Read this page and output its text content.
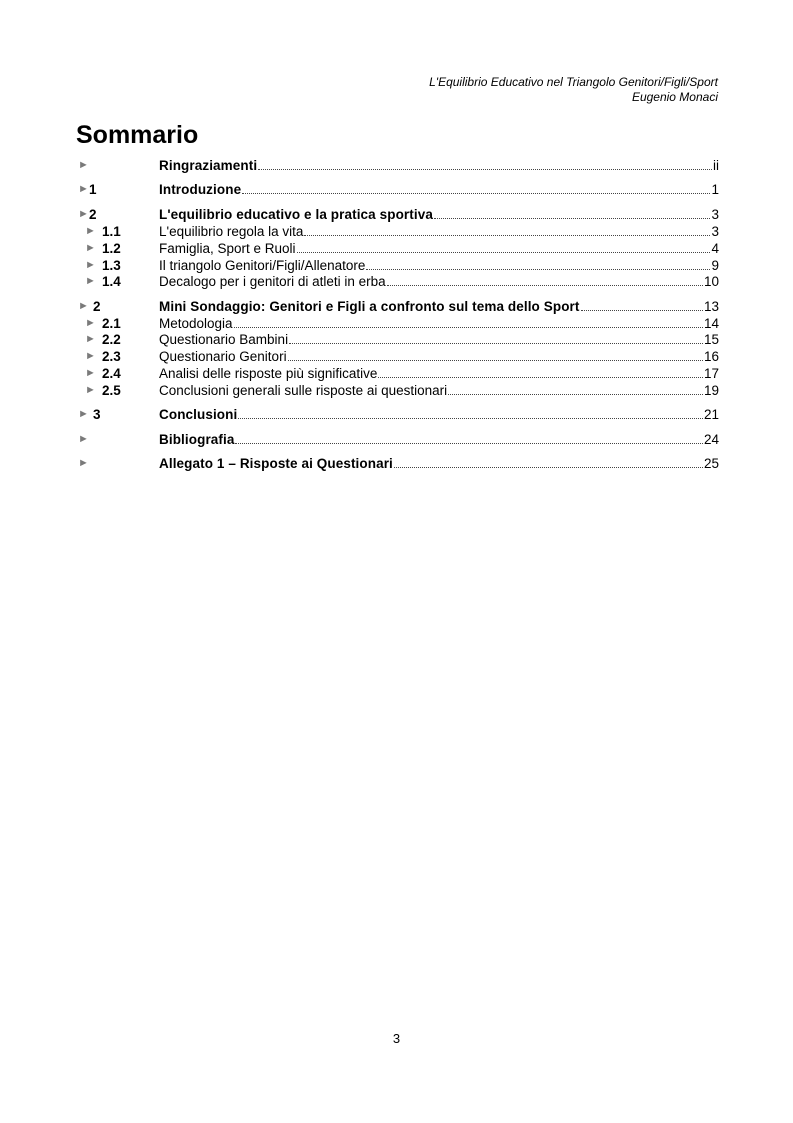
L'Equilibrio Educativo nel Triangolo Genitori/Figli/Sport
Eugenio Monaci
Sommario
►	Ringraziamenti	ii
► 1	Introduzione	1
► 2	L'equilibrio educativo e la pratica sportiva	3
► 1.1	L'equilibrio regola la vita	3
► 1.2	Famiglia, Sport e Ruoli	4
► 1.3	Il triangolo Genitori/Figli/Allenatore	9
► 1.4	Decalogo per i genitori di atleti in erba	10
► 2	Mini Sondaggio: Genitori e Figli a confronto sul tema dello Sport	13
► 2.1	Metodologia	14
► 2.2	Questionario Bambini	15
► 2.3	Questionario Genitori	16
► 2.4	Analisi delle risposte più significative	17
► 2.5	Conclusioni generali sulle risposte ai questionari	19
► 3	Conclusioni	21
►	Bibliografia	24
►	Allegato 1 – Risposte ai Questionari	25
3
